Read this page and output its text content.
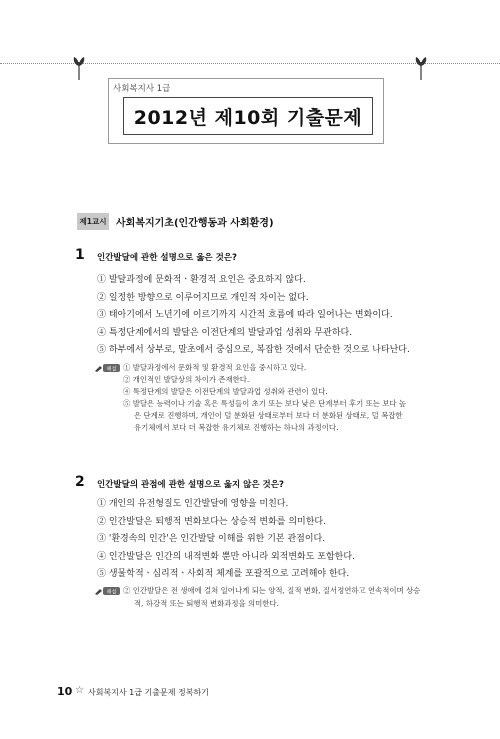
사회복지사 1급
2012년 제10회 기출문제
제1교시 사회복지기초(인간행동과 사회환경)
1 인간발달에 관한 설명으로 옳은 것은?
① 발달과정에 문화적ㆍ환경적 요인은 중요하지 않다.
② 일정한 방향으로 이루어지므로 개인적 차이는 없다.
③ 태아기에서 노년기에 이르기까지 시간적 흐름에 따라 일어나는 변화이다.
④ 특정단계에서의 발달은 이전단계의 발달과업 성취와 무관하다.
⑤ 하부에서 상부로, 말초에서 중심으로, 복잡한 것에서 단순한 것으로 나타난다.
해설 ① 발달과정에서 문화적 및 환경적 요인을 중시하고 있다.
② 개인적인 발달상의 차이가 존재한다.
④ 특정단계의 발달은 이전단계의 발달과업 성취와 관련이 있다.
⑤ 발달은 능력이나 기술 혹은 특성들이 초기 또는 보다 낮은 단계부터 후기 또는 보다 높
은 단계로 진행하며, 개인이 덜 분화된 상태로부터 보다 더 분화된 상태로, 덜 복잡한
유기체에서 보다 더 복잡한 유기체로 진행하는 하나의 과정이다.
2 인간발달의 관점에 관한 설명으로 옳지 않은 것은?
① 개인의 유전형질도 인간발달에 영향을 미친다.
② 인간발달은 퇴행적 변화보다는 상승적 변화를 의미한다.
③ '환경속의 인간'은 인간발달 이해를 위한 기본 관점이다.
④ 인간발달은 인간의 내적변화 뿐만 아니라 외적변화도 포함한다.
⑤ 생물학적ㆍ심리적ㆍ사회적 체계를 포괄적으로 고려해야 한다.
해설 ② 인간발달은 전 생애에 걸쳐 일어나게 되는 양적, 질적 변화, 질서정연하고 연속적이며 상승
적, 하강적 또는 퇴행적 변화과정을 의미한다.
10 ☆ 사회복지사 1급 기출문제 정복하기
